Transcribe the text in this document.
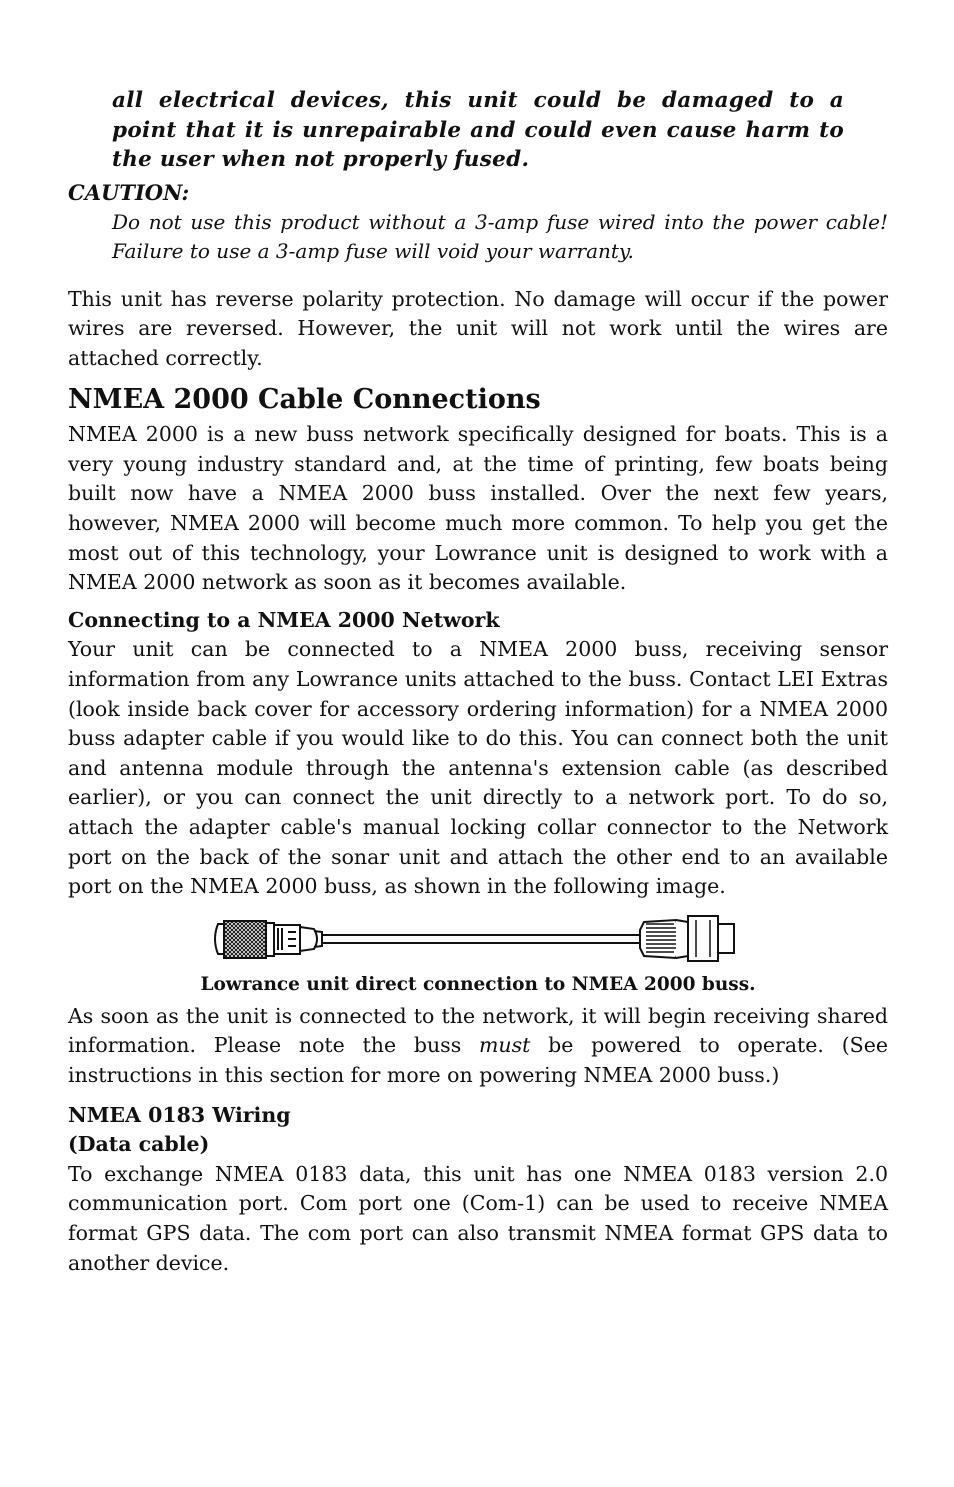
all electrical devices, this unit could be damaged to a point that it is unrepairable and could even cause harm to the user when not properly fused.

CAUTION:

Do not use this product without a 3-amp fuse wired into the power cable! Failure to use a 3-amp fuse will void your warranty.

This unit has reverse polarity protection. No damage will occur if the power wires are reversed. However, the unit will not work until the wires are attached correctly.

NMEA 2000 Cable Connections

NMEA 2000 is a new buss network specifically designed for boats. This is a very young industry standard and, at the time of printing, few boats being built now have a NMEA 2000 buss installed. Over the next few years, however, NMEA 2000 will become much more common. To help you get the most out of this technology, your Lowrance unit is designed to work with a NMEA 2000 network as soon as it becomes available.

Connecting to a NMEA 2000 Network

Your unit can be connected to a NMEA 2000 buss, receiving sensor information from any Lowrance units attached to the buss. Contact LEI Extras (look inside back cover for accessory ordering information) for a NMEA 2000 buss adapter cable if you would like to do this. You can connect both the unit and antenna module through the antenna's extension cable (as described earlier), or you can connect the unit directly to a network port. To do so, attach the adapter cable's manual locking collar connector to the Network port on the back of the sonar unit and attach the other end to an available port on the NMEA 2000 buss, as shown in the following image.

Lowrance unit direct connection to NMEA 2000 buss.

As soon as the unit is connected to the network, it will begin receiving shared information. Please note the buss must be powered to operate. (See instructions in this section for more on powering NMEA 2000 buss.)

NMEA 0183 Wiring
(Data cable)

To exchange NMEA 0183 data, this unit has one NMEA 0183 version 2.0 communication port. Com port one (Com-1) can be used to receive NMEA format GPS data. The com port can also transmit NMEA format GPS data to another device.
